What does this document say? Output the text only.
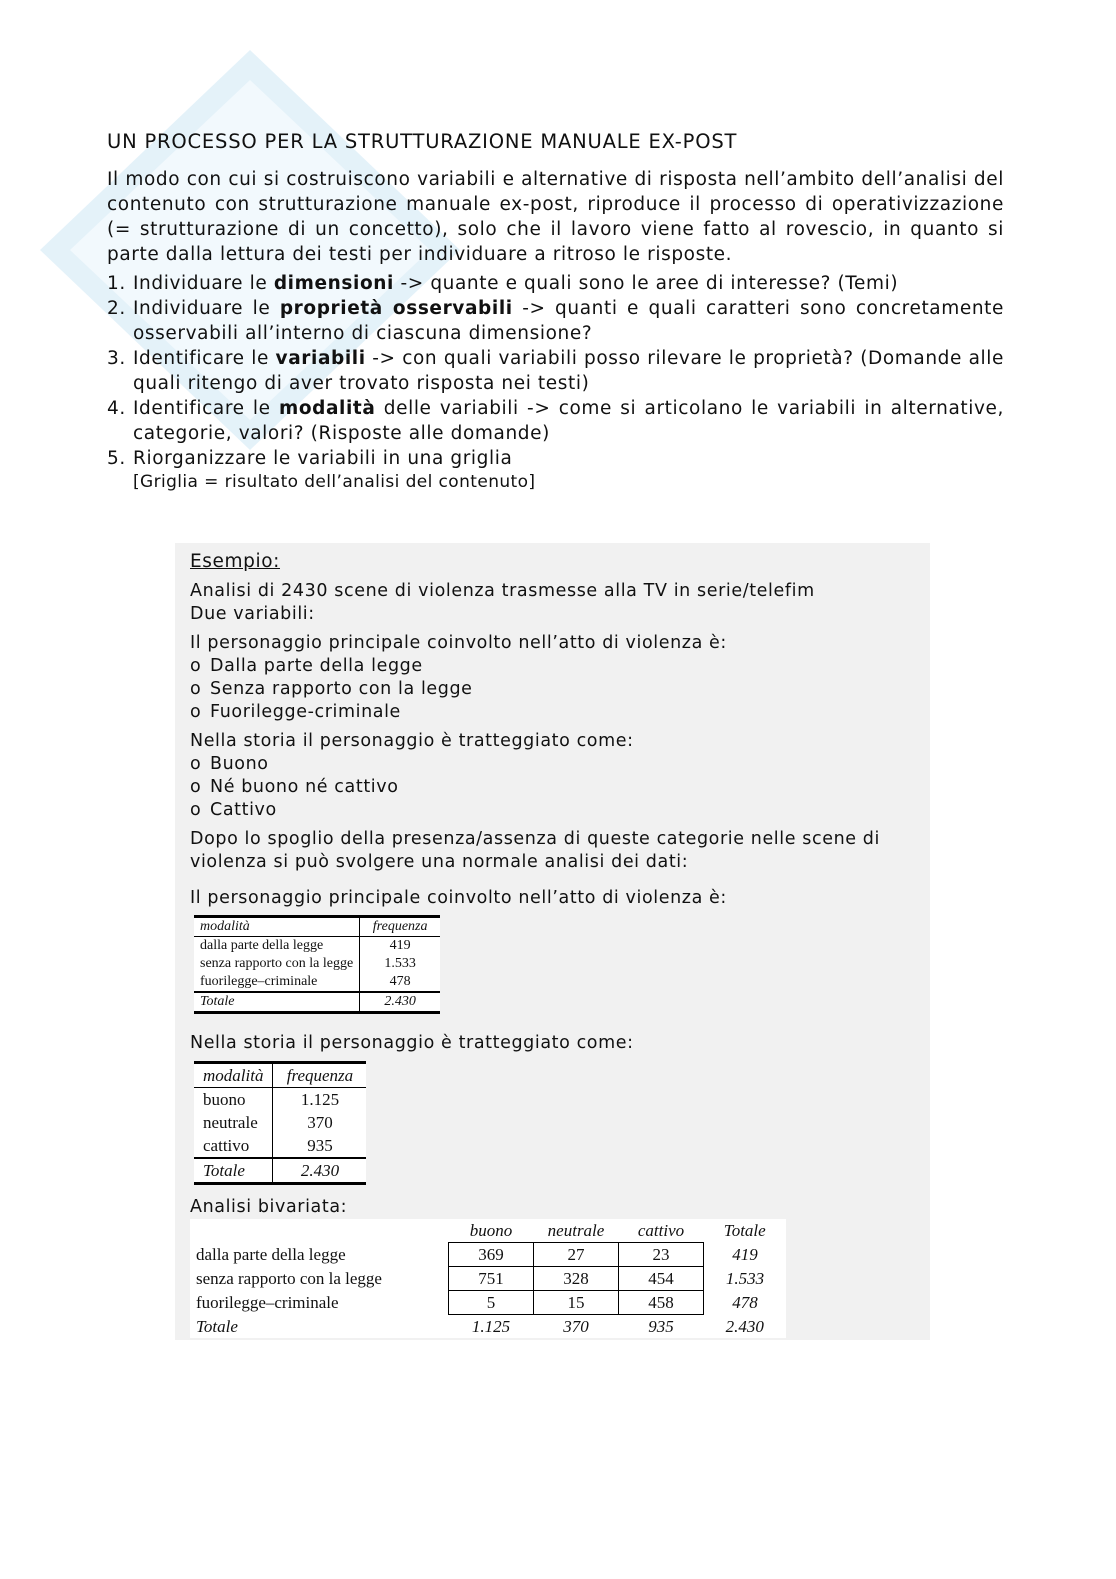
UN PROCESSO PER LA STRUTTURAZIONE MANUALE EX-POST

Il modo con cui si costruiscono variabili e alternative di risposta nell’ambito dell’analisi del contenuto con strutturazione manuale ex-post, riproduce il processo di operativizzazione (= strutturazione di un concetto), solo che il lavoro viene fatto al rovescio, in quanto si parte dalla lettura dei testi per individuare a ritroso le risposte.

1. Individuare le dimensioni -> quante e quali sono le aree di interesse? (Temi)
2. Individuare le proprietà osservabili -> quanti e quali caratteri sono concretamente osservabili all’interno di ciascuna dimensione?
3. Identificare le variabili -> con quali variabili posso rilevare le proprietà? (Domande alle quali ritengo di aver trovato risposta nei testi)
4. Identificare le modalità delle variabili -> come si articolano le variabili in alternative, categorie, valori? (Risposte alle domande)
5. Riorganizzare le variabili in una griglia
[Griglia = risultato dell’analisi del contenuto]
Esempio:
Analisi di 2430 scene di violenza trasmesse alla TV in serie/telefim
Due variabili:
Il personaggio principale coinvolto nell’atto di violenza è:
o Dalla parte della legge
o Senza rapporto con la legge
o Fuorilegge-criminale
Nella storia il personaggio è tratteggiato come:
o Buono
o Né buono né cattivo
o Cattivo
Dopo lo spoglio della presenza/assenza di queste categorie nelle scene di violenza si può svolgere una normale analisi dei dati:
Il personaggio principale coinvolto nell’atto di violenza è:
modalità	frequenza
dalla parte della legge	419
senza rapporto con la legge	1.533
fuorilegge–criminale	478
Totale	2.430
Nella storia il personaggio è tratteggiato come:
modalità	frequenza
buono	1.125
neutrale	370
cattivo	935
Totale	2.430
Analisi bivariata:
	buono	neutrale	cattivo	Totale
dalla parte della legge	369	27	23	419
senza rapporto con la legge	751	328	454	1.533
fuorilegge–criminale	5	15	458	478
Totale	1.125	370	935	2.430
